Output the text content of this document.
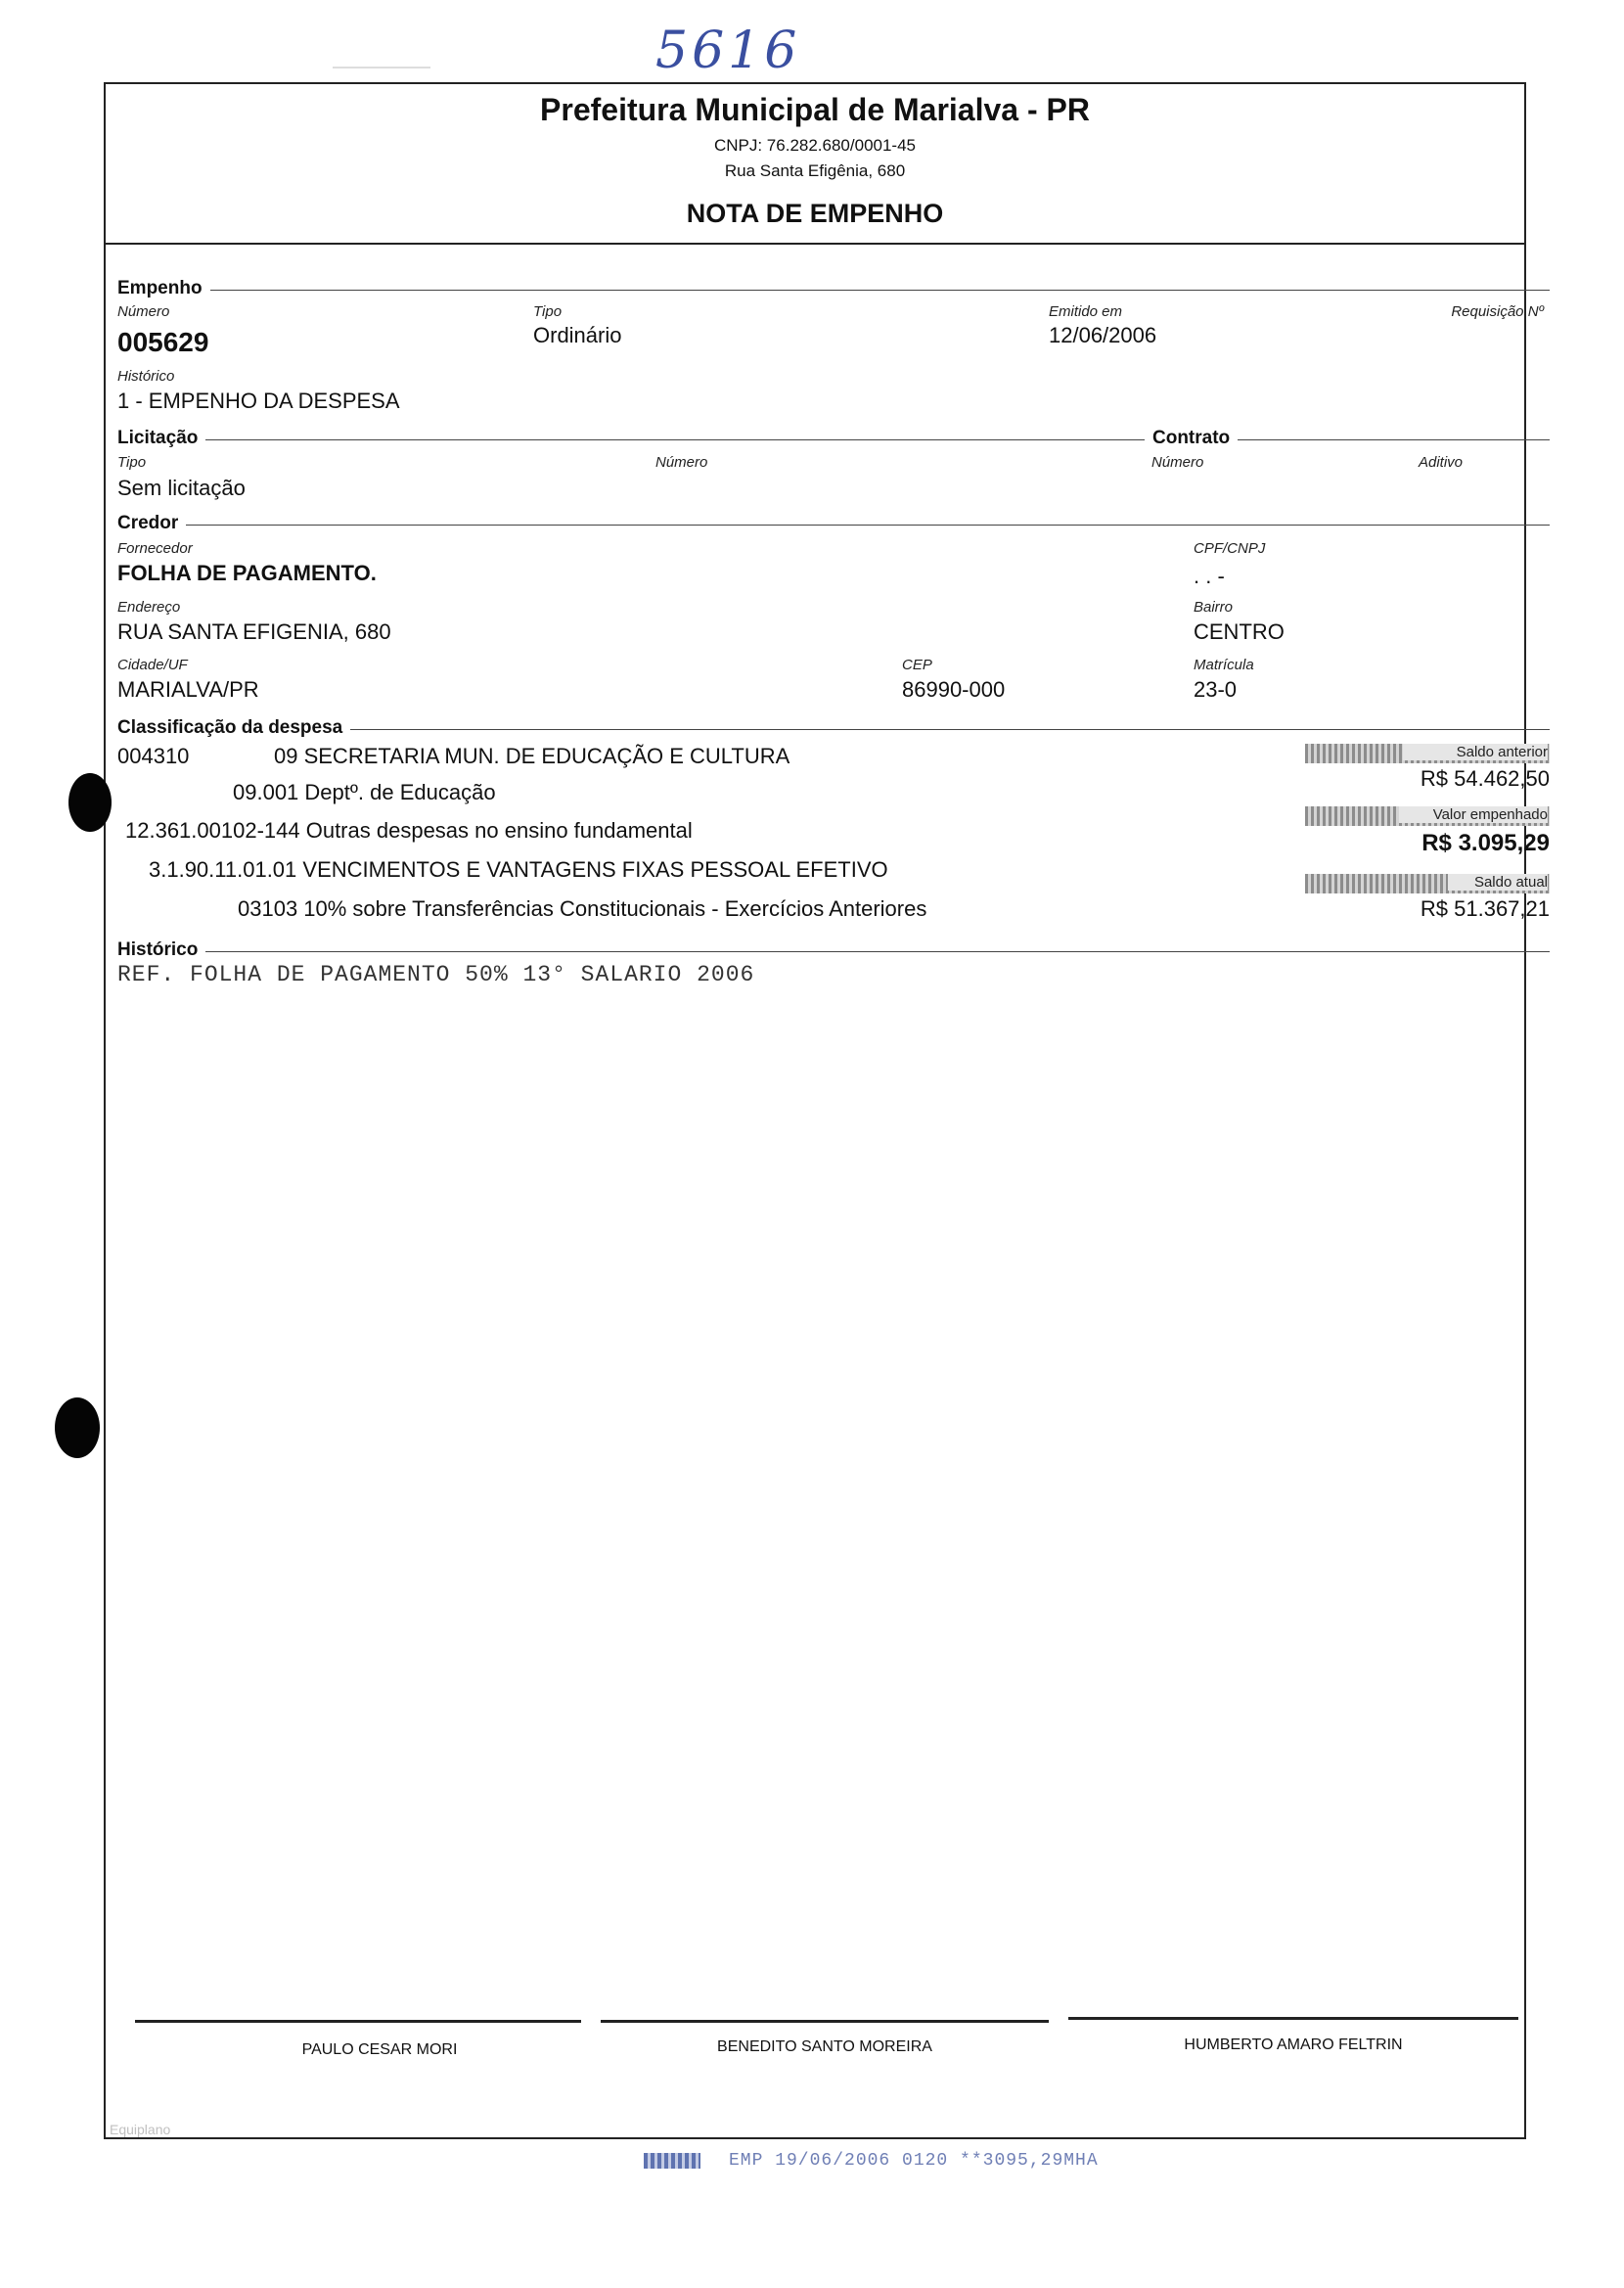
5616
Prefeitura Municipal de Marialva - PR
CNPJ: 76.282.680/0001-45
Rua Santa Efigênia, 680
NOTA DE EMPENHO
Empenho
Número
005629
Tipo
Ordinário
Emitido em
12/06/2006
Requisição Nº
Histórico
1 - EMPENHO DA DESPESA
Licitação	Contrato
Tipo
Sem licitação
Número	Número	Aditivo
Credor
Fornecedor
FOLHA DE PAGAMENTO.
CPF/CNPJ
. . -
Endereço
RUA SANTA EFIGENIA, 680
Bairro
CENTRO
Cidade/UF
MARIALVA/PR
CEP
86990-000
Matrícula
23-0
Classificação da despesa
004310	09 SECRETARIA MUN. DE EDUCAÇÃO E CULTURA
09.001 Deptº. de Educação
12.361.00102-144 Outras despesas no ensino fundamental
3.1.90.11.01.01 VENCIMENTOS E VANTAGENS FIXAS PESSOAL EFETIVO
03103 10% sobre Transferências Constitucionais - Exercícios Anteriores
Saldo anterior
R$ 54.462,50
Valor empenhado
R$ 3.095,29
Saldo atual
R$ 51.367,21
Histórico
REF. FOLHA DE PAGAMENTO 50% 13° SALARIO 2006
PAULO CESAR MORI	BENEDITO SANTO MOREIRA	HUMBERTO AMARO FELTRIN
Equiplano
EMP 19/06/2006 0120 **3095,29MHA
